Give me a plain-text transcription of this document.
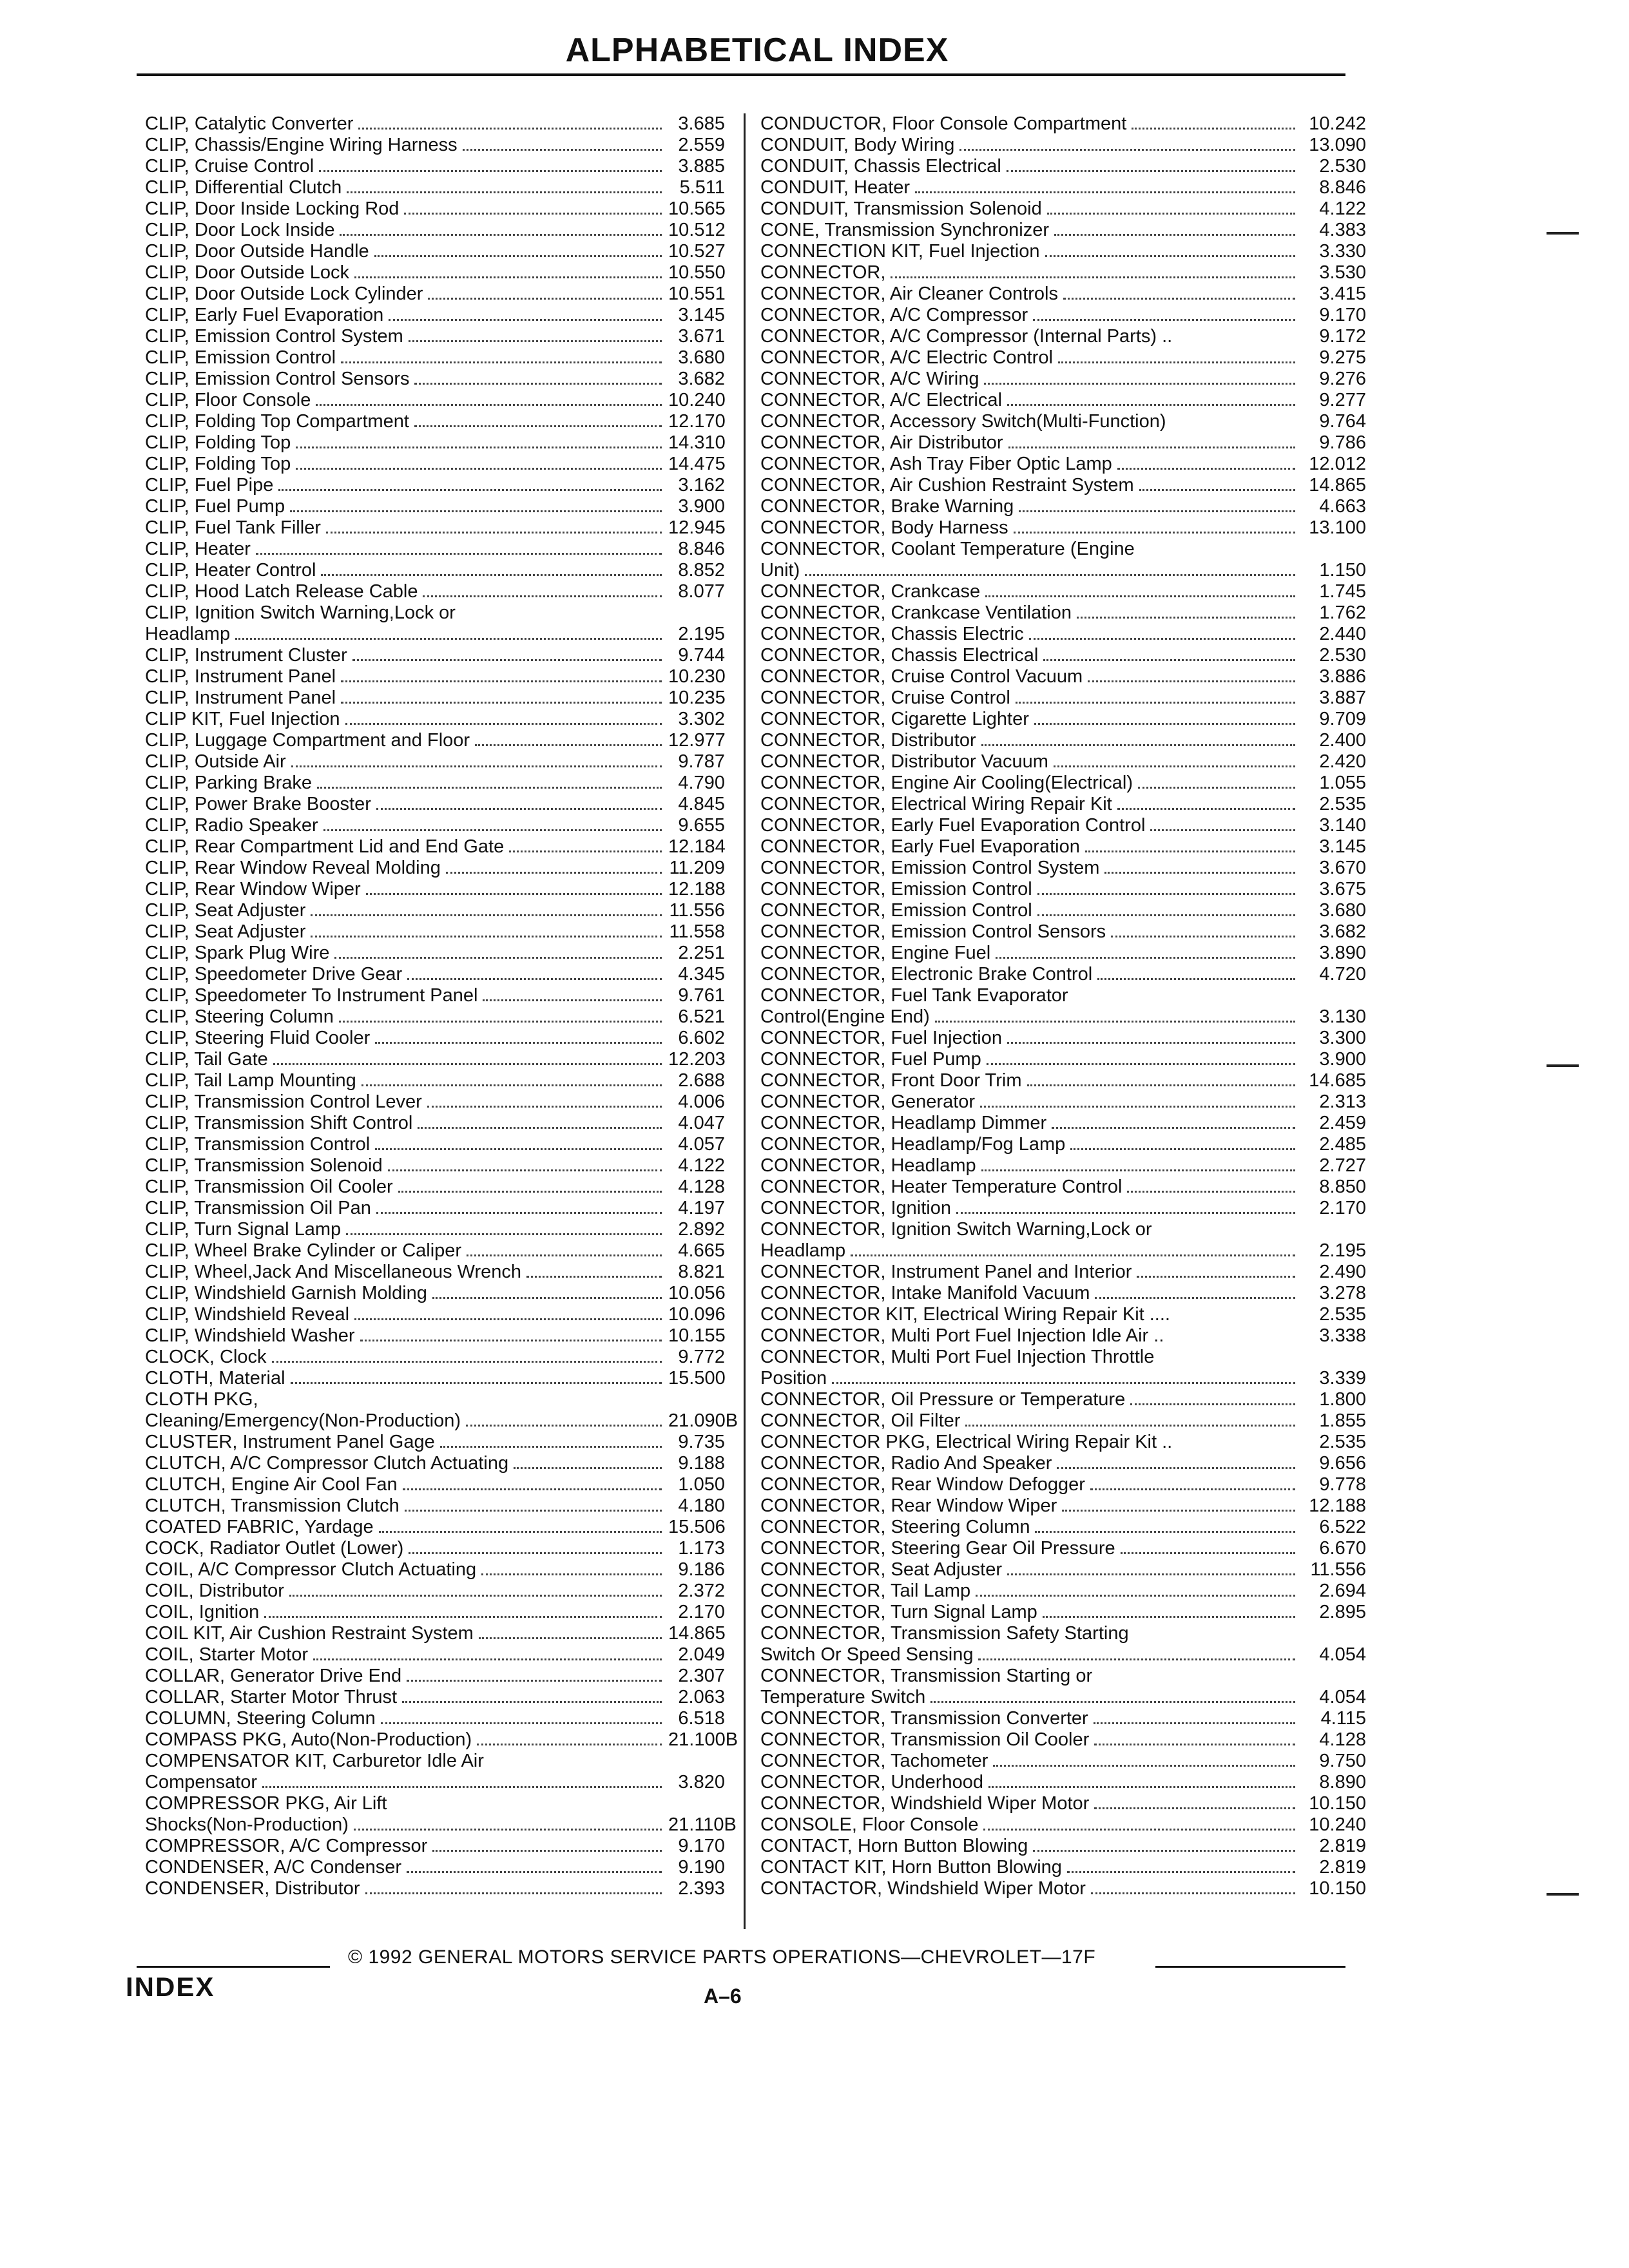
ALPHABETICAL INDEX
CLIP, Catalytic Converter	3.685
CLIP, Chassis/Engine Wiring Harness	2.559
CLIP, Cruise Control	3.885
CLIP, Differential Clutch	5.511
CLIP, Door Inside Locking Rod	10.565
CLIP, Door Lock Inside	10.512
CLIP, Door Outside Handle	10.527
CLIP, Door Outside Lock	10.550
CLIP, Door Outside Lock Cylinder	10.551
CLIP, Early Fuel Evaporation	3.145
CLIP, Emission Control System	3.671
CLIP, Emission Control	3.680
CLIP, Emission Control Sensors	3.682
CLIP, Floor Console	10.240
CLIP, Folding Top Compartment	12.170
CLIP, Folding Top	14.310
CLIP, Folding Top	14.475
CLIP, Fuel Pipe	3.162
CLIP, Fuel Pump	3.900
CLIP, Fuel Tank Filler	12.945
CLIP, Heater	8.846
CLIP, Heater Control	8.852
CLIP, Hood Latch Release Cable	8.077
CLIP, Ignition Switch Warning,Lock or
Headlamp	2.195
CLIP, Instrument Cluster	9.744
CLIP, Instrument Panel	10.230
CLIP, Instrument Panel	10.235
CLIP KIT, Fuel Injection	3.302
CLIP, Luggage Compartment and Floor	12.977
CLIP, Outside Air	9.787
CLIP, Parking Brake	4.790
CLIP, Power Brake Booster	4.845
CLIP, Radio Speaker	9.655
CLIP, Rear Compartment Lid and End Gate	12.184
CLIP, Rear Window Reveal Molding	11.209
CLIP, Rear Window Wiper	12.188
CLIP, Seat Adjuster	11.556
CLIP, Seat Adjuster	11.558
CLIP, Spark Plug Wire	2.251
CLIP, Speedometer Drive Gear	4.345
CLIP, Speedometer To Instrument Panel	9.761
CLIP, Steering Column	6.521
CLIP, Steering Fluid Cooler	6.602
CLIP, Tail Gate	12.203
CLIP, Tail Lamp Mounting	2.688
CLIP, Transmission Control Lever	4.006
CLIP, Transmission Shift Control	4.047
CLIP, Transmission Control	4.057
CLIP, Transmission Solenoid	4.122
CLIP, Transmission Oil Cooler	4.128
CLIP, Transmission Oil Pan	4.197
CLIP, Turn Signal Lamp	2.892
CLIP, Wheel Brake Cylinder or Caliper	4.665
CLIP, Wheel,Jack And Miscellaneous Wrench	8.821
CLIP, Windshield Garnish Molding	10.056
CLIP, Windshield Reveal	10.096
CLIP, Windshield Washer	10.155
CLOCK, Clock	9.772
CLOTH, Material	15.500
CLOTH PKG,
Cleaning/Emergency(Non-Production)	21.090B
CLUSTER, Instrument Panel Gage	9.735
CLUTCH, A/C Compressor Clutch Actuating	9.188
CLUTCH, Engine Air Cool Fan	1.050
CLUTCH, Transmission Clutch	4.180
COATED FABRIC, Yardage	15.506
COCK, Radiator Outlet (Lower)	1.173
COIL, A/C Compressor Clutch Actuating	9.186
COIL, Distributor	2.372
COIL, Ignition	2.170
COIL KIT, Air Cushion Restraint System	14.865
COIL, Starter Motor	2.049
COLLAR, Generator Drive End	2.307
COLLAR, Starter Motor Thrust	2.063
COLUMN, Steering Column	6.518
COMPASS PKG, Auto(Non-Production)	21.100B
COMPENSATOR KIT, Carburetor Idle Air
Compensator	3.820
COMPRESSOR PKG, Air Lift
Shocks(Non-Production)	21.110B
COMPRESSOR, A/C Compressor	9.170
CONDENSER, A/C Condenser	9.190
CONDENSER, Distributor	2.393
CONDUCTOR, Floor Console Compartment	10.242
CONDUIT, Body Wiring	13.090
CONDUIT, Chassis Electrical	2.530
CONDUIT, Heater	8.846
CONDUIT, Transmission Solenoid	4.122
CONE, Transmission Synchronizer	4.383
CONNECTION KIT, Fuel Injection	3.330
CONNECTOR,	3.530
CONNECTOR, Air Cleaner Controls	3.415
CONNECTOR, A/C Compressor	9.170
CONNECTOR, A/C Compressor (Internal Parts) ..	9.172
CONNECTOR, A/C Electric Control	9.275
CONNECTOR, A/C Wiring	9.276
CONNECTOR, A/C Electrical	9.277
CONNECTOR, Accessory Switch(Multi-Function)	9.764
CONNECTOR, Air Distributor	9.786
CONNECTOR, Ash Tray Fiber Optic Lamp	12.012
CONNECTOR, Air Cushion Restraint System	14.865
CONNECTOR, Brake Warning	4.663
CONNECTOR, Body Harness	13.100
CONNECTOR, Coolant Temperature (Engine
Unit)	1.150
CONNECTOR, Crankcase	1.745
CONNECTOR, Crankcase Ventilation	1.762
CONNECTOR, Chassis Electric	2.440
CONNECTOR, Chassis Electrical	2.530
CONNECTOR, Cruise Control Vacuum	3.886
CONNECTOR, Cruise Control	3.887
CONNECTOR, Cigarette Lighter	9.709
CONNECTOR, Distributor	2.400
CONNECTOR, Distributor Vacuum	2.420
CONNECTOR, Engine Air Cooling(Electrical)	1.055
CONNECTOR, Electrical Wiring Repair Kit	2.535
CONNECTOR, Early Fuel Evaporation Control	3.140
CONNECTOR, Early Fuel Evaporation	3.145
CONNECTOR, Emission Control System	3.670
CONNECTOR, Emission Control	3.675
CONNECTOR, Emission Control	3.680
CONNECTOR, Emission Control Sensors	3.682
CONNECTOR, Engine Fuel	3.890
CONNECTOR, Electronic Brake Control	4.720
CONNECTOR, Fuel Tank Evaporator
Control(Engine End)	3.130
CONNECTOR, Fuel Injection	3.300
CONNECTOR, Fuel Pump	3.900
CONNECTOR, Front Door Trim	14.685
CONNECTOR, Generator	2.313
CONNECTOR, Headlamp Dimmer	2.459
CONNECTOR, Headlamp/Fog Lamp	2.485
CONNECTOR, Headlamp	2.727
CONNECTOR, Heater Temperature Control	8.850
CONNECTOR, Ignition	2.170
CONNECTOR, Ignition Switch Warning,Lock or
Headlamp	2.195
CONNECTOR, Instrument Panel and Interior	2.490
CONNECTOR, Intake Manifold Vacuum	3.278
CONNECTOR KIT, Electrical Wiring Repair Kit ....	2.535
CONNECTOR, Multi Port Fuel Injection Idle Air ..	3.338
CONNECTOR, Multi Port Fuel Injection Throttle
Position	3.339
CONNECTOR, Oil Pressure or Temperature	1.800
CONNECTOR, Oil Filter	1.855
CONNECTOR PKG, Electrical Wiring Repair Kit ..	2.535
CONNECTOR, Radio And Speaker	9.656
CONNECTOR, Rear Window Defogger	9.778
CONNECTOR, Rear Window Wiper	12.188
CONNECTOR, Steering Column	6.522
CONNECTOR, Steering Gear Oil Pressure	6.670
CONNECTOR, Seat Adjuster	11.556
CONNECTOR, Tail Lamp	2.694
CONNECTOR, Turn Signal Lamp	2.895
CONNECTOR, Transmission Safety Starting
Switch Or Speed Sensing	4.054
CONNECTOR, Transmission Starting or
Temperature Switch	4.054
CONNECTOR, Transmission Converter	4.115
CONNECTOR, Transmission Oil Cooler	4.128
CONNECTOR, Tachometer	9.750
CONNECTOR, Underhood	8.890
CONNECTOR, Windshield Wiper Motor	10.150
CONSOLE, Floor Console	10.240
CONTACT, Horn Button Blowing	2.819
CONTACT KIT, Horn Button Blowing	2.819
CONTACTOR, Windshield Wiper Motor	10.150
© 1992 GENERAL MOTORS SERVICE PARTS OPERATIONS—CHEVROLET—17F
INDEX	A–6
